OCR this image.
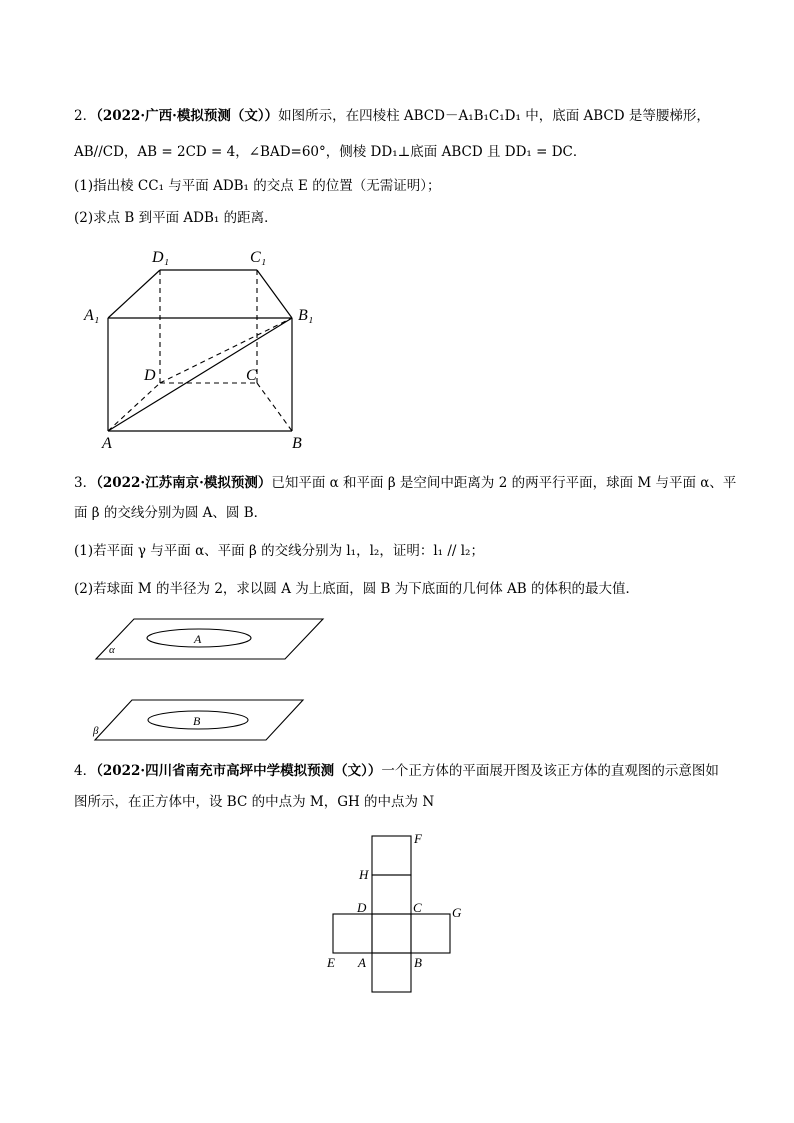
2．（2022·广西·模拟预测（文））如图所示，在四棱柱 ABCD－A₁B₁C₁D₁ 中，底面 ABCD 是等腰梯形，
AB//CD，AB = 2CD = 4，∠BAD=60°，侧棱 DD₁⊥底面 ABCD 且 DD₁ = DC．
(1)指出棱 CC₁ 与平面 ADB₁ 的交点 E 的位置（无需证明）；
(2)求点 B 到平面 ADB₁ 的距离．
D₁	C₁
A₁	B₁
D	C
A	B
3．（2022·江苏南京·模拟预测）已知平面 α 和平面 β 是空间中距离为 2 的两平行平面，球面 M 与平面 α、平
面 β 的交线分别为圆 A、圆 B．
(1)若平面 γ 与平面 α、平面 β 的交线分别为 l₁，l₂，证明：l₁ // l₂；
(2)若球面 M 的半径为 2，求以圆 A 为上底面，圆 B 为下底面的几何体 AB 的体积的最大值．
α
A
β
B
4．（2022·四川省南充市高坪中学模拟预测（文））一个正方体的平面展开图及该正方体的直观图的示意图如
图所示，在正方体中，设 BC 的中点为 M，GH 的中点为 N
F
H
D	C G
E A	B
